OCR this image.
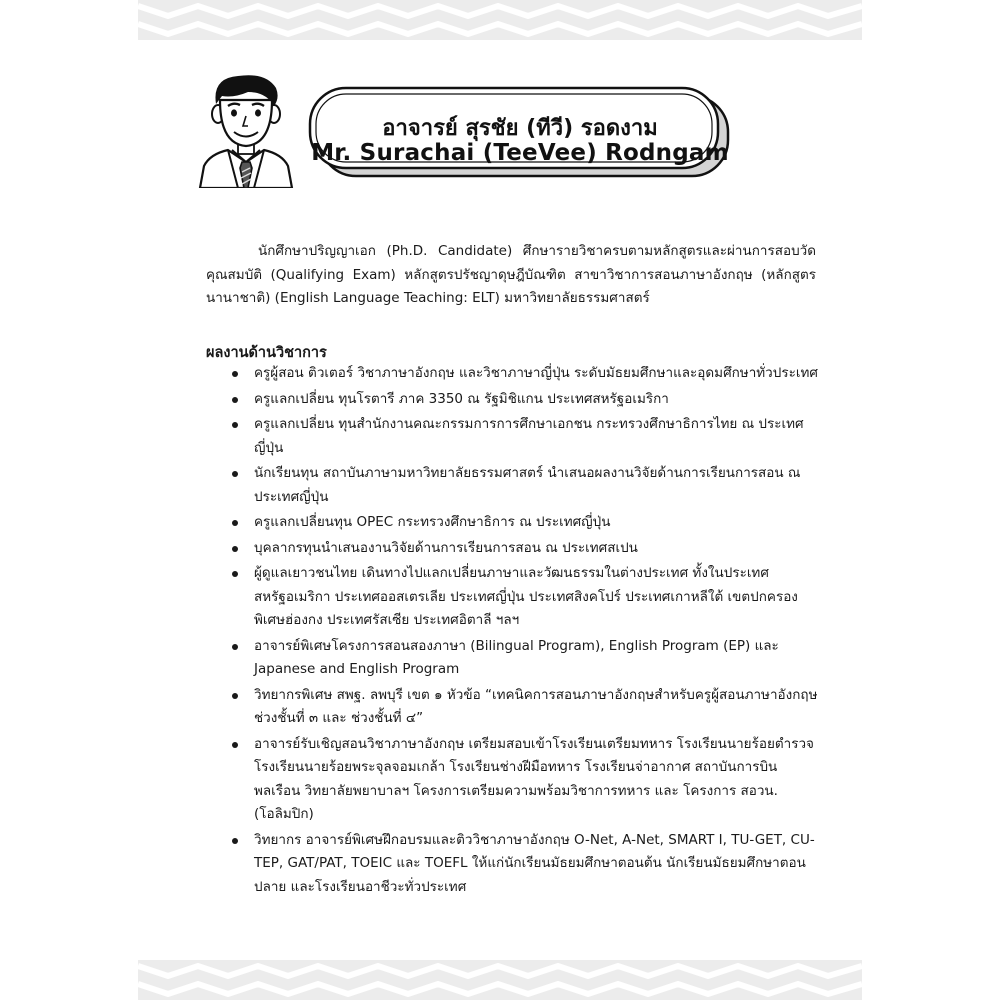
อาจารย์ สุรชัย (ทีวี) รอดงาม
Mr. Surachai (TeeVee) Rodngam

นักศึกษาปริญญาเอก (Ph.D. Candidate) ศึกษารายวิชาครบตามหลักสูตรและผ่านการสอบวัดคุณสมบัติ (Qualifying Exam) หลักสูตรปรัชญาดุษฎีบัณฑิต สาขาวิชาการสอนภาษาอังกฤษ (หลักสูตรนานาชาติ) (English Language Teaching: ELT) มหาวิทยาลัยธรรมศาสตร์

ผลงานด้านวิชาการ
ครูผู้สอน ติวเตอร์ วิชาภาษาอังกฤษ และวิชาภาษาญี่ปุ่น ระดับมัธยมศึกษาและอุดมศึกษาทั่วประเทศ
ครูแลกเปลี่ยน ทุนโรตารี ภาค 3350 ณ รัฐมิชิแกน ประเทศสหรัฐอเมริกา
ครูแลกเปลี่ยน ทุนสำนักงานคณะกรรมการการศึกษาเอกชน กระทรวงศึกษาธิการไทย ณ ประเทศญี่ปุ่น
นักเรียนทุน สถาบันภาษามหาวิทยาลัยธรรมศาสตร์ นำเสนอผลงานวิจัยด้านการเรียนการสอน ณ ประเทศญี่ปุ่น
ครูแลกเปลี่ยนทุน OPEC กระทรวงศึกษาธิการ ณ ประเทศญี่ปุ่น
บุคลากรทุนนำเสนองานวิจัยด้านการเรียนการสอน ณ ประเทศสเปน
ผู้ดูแลเยาวชนไทย เดินทางไปแลกเปลี่ยนภาษาและวัฒนธรรมในต่างประเทศ ทั้งในประเทศสหรัฐอเมริกา ประเทศออสเตรเลีย ประเทศญี่ปุ่น ประเทศสิงคโปร์ ประเทศเกาหลีใต้ เขตปกครองพิเศษฮ่องกง ประเทศรัสเซีย ประเทศอิตาลี ฯลฯ
อาจารย์พิเศษโครงการสอนสองภาษา (Bilingual Program), English Program (EP) และ Japanese and English Program
วิทยากรพิเศษ สพฐ. ลพบุรี เขต ๑ หัวข้อ “เทคนิคการสอนภาษาอังกฤษสำหรับครูผู้สอนภาษาอังกฤษช่วงชั้นที่ ๓ และ ช่วงชั้นที่ ๔”
อาจารย์รับเชิญสอนวิชาภาษาอังกฤษ เตรียมสอบเข้าโรงเรียนเตรียมทหาร โรงเรียนนายร้อยตำรวจ โรงเรียนนายร้อยพระจุลจอมเกล้า โรงเรียนช่างฝีมือทหาร โรงเรียนจ่าอากาศ สถาบันการบินพลเรือน วิทยาลัยพยาบาลฯ โครงการเตรียมความพร้อมวิชาการทหาร และ โครงการ สอวน. (โอลิมปิก)
วิทยากร อาจารย์พิเศษฝึกอบรมและติววิชาภาษาอังกฤษ O-Net, A-Net, SMART I, TU-GET, CU-TEP, GAT/PAT, TOEIC และ TOEFL ให้แก่นักเรียนมัธยมศึกษาตอนต้น นักเรียนมัธยมศึกษาตอนปลาย และโรงเรียนอาชีวะทั่วประเทศ
